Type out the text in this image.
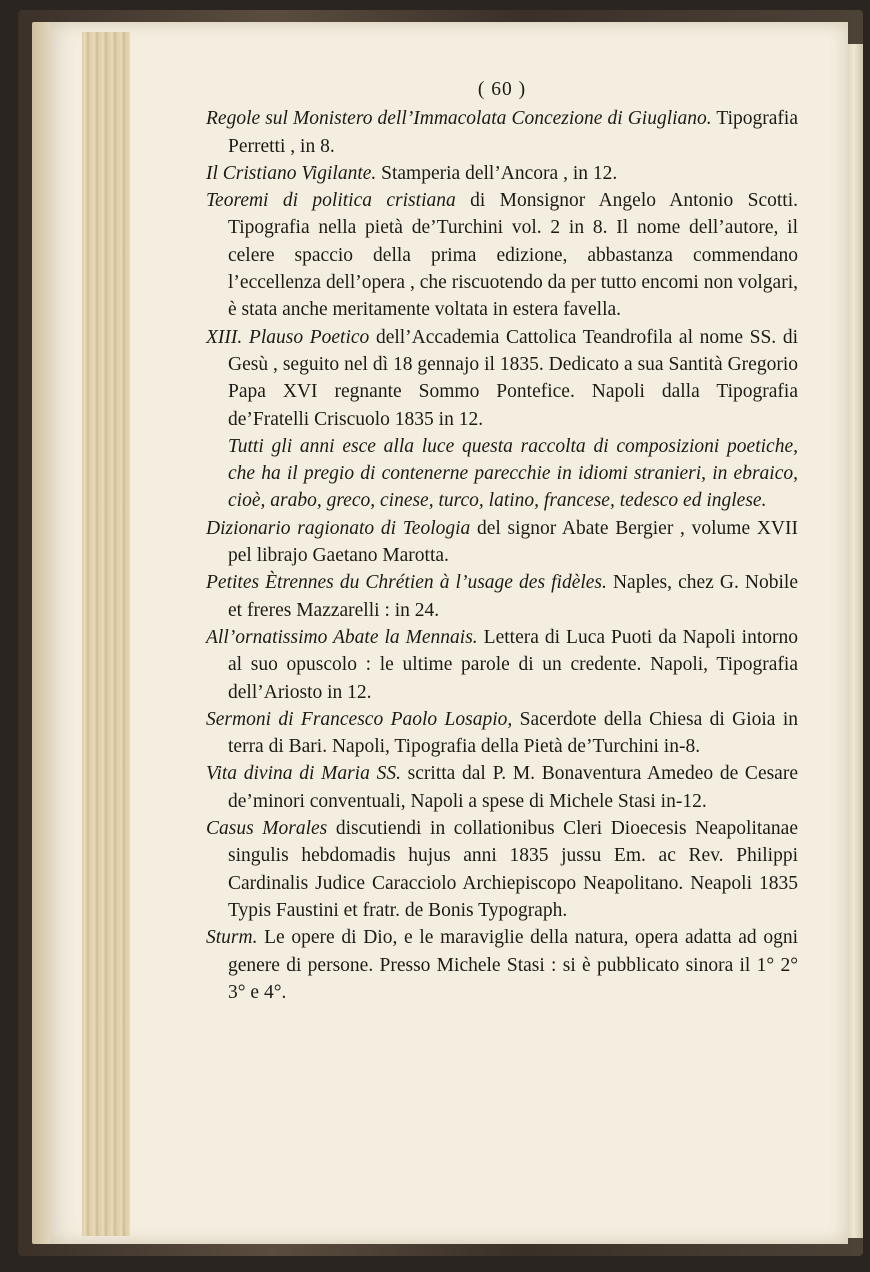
( 60 )

Regole sul Monistero dell’Immacolata Concezione di Giugliano. Tipografia Perretti , in 8.

Il Cristiano Vigilante. Stamperia dell’Ancora , in 12.

Teoremi di politica cristiana di Monsignor Angelo Antonio Scotti. Tipografia nella pietà de’Turchini vol. 2 in 8. Il nome dell’autore, il celere spaccio della prima edizione, abbastanza commendano l’eccellenza dell’opera , che riscuotendo da per tutto encomi non volgari, è stata anche meritamente voltata in estera favella.

XIII. Plauso Poetico dell’Accademia Cattolica Teandrofila al nome SS. di Gesù , seguito nel dì 18 gennajo il 1835. Dedicato a sua Santità Gregorio Papa XVI regnante Sommo Pontefice. Napoli dalla Tipografia de’Fratelli Criscuolo 1835 in 12.

Tutti gli anni esce alla luce questa raccolta di composizioni poetiche, che ha il pregio di contenerne parecchie in idiomi stranieri, in ebraico, cioè, arabo, greco, cinese, turco, latino, francese, tedesco ed inglese.

Dizionario ragionato di Teologia del signor Abate Bergier , volume XVII pel librajo Gaetano Marotta.

Petites Ètrennes du Chrétien à l’usage des fidèles. Naples, chez G. Nobile et freres Mazzarelli : in 24.

All’ornatissimo Abate la Mennais. Lettera di Luca Puoti da Napoli intorno al suo opuscolo : le ultime parole di un credente. Napoli, Tipografia dell’Ariosto in 12.

Sermoni di Francesco Paolo Losapio, Sacerdote della Chiesa di Gioia in terra di Bari. Napoli, Tipografia della Pietà de’Turchini in-8.

Vita divina di Maria SS. scritta dal P. M. Bonaventura Amedeo de Cesare de’minori conventuali, Napoli a spese di Michele Stasi in-12.

Casus Morales discutiendi in collationibus Cleri Dioecesis Neapolitanae singulis hebdomadis hujus anni 1835 jussu Em. ac Rev. Philippi Cardinalis Judice Caracciolo Archiepiscopo Neapolitano. Neapoli 1835 Typis Faustini et fratr. de Bonis Typograph.

Sturm. Le opere di Dio, e le maraviglie della natura, opera adatta ad ogni genere di persone. Presso Michele Stasi : si è pubblicato sinora il 1° 2° 3° e 4°.
